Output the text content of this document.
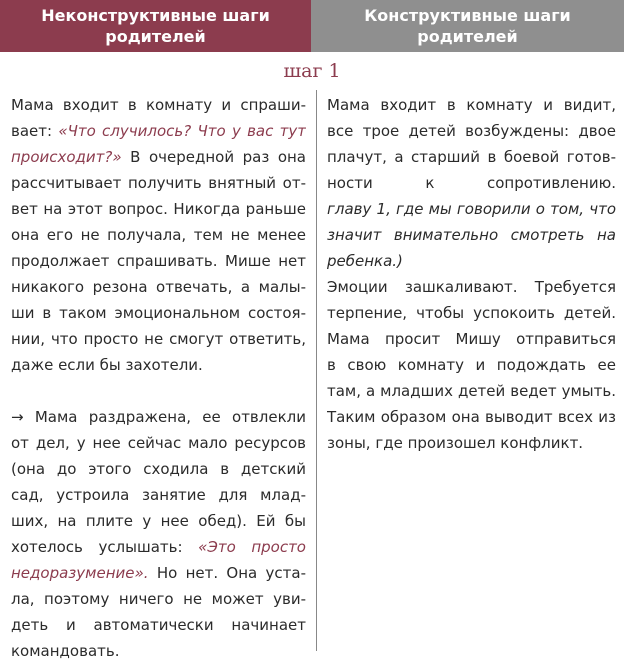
Неконструктивные шаги
родителей
Конструктивные шаги
родителей
шаг 1
Мама входит в комнату и спраши-
вает: «Что случилось? Что у вас тут
происходит?» В очередной раз она
рассчитывает получить внятный от-
вет на этот вопрос. Никогда раньше
она его не получала, тем не менее
продолжает спрашивать. Мише нет
никакого резона отвечать, а малы-
ши в таком эмоциональном состоя-
нии, что просто не смогут ответить,
даже если бы захотели.
→ Мама раздражена, ее отвлекли
от дел, у нее сейчас мало ресурсов
(она до этого сходила в детский
сад, устроила занятие для млад-
ших, на плите у нее обед). Ей бы
хотелось услышать: «Это просто
недоразумение». Но нет. Она уста-
ла, поэтому ничего не может уви-
деть и автоматически начинает
командовать.
Мама входит в комнату и видит,
все трое детей возбуждены: двое
плачут, а старший в боевой готов-
ности к сопротивлению.
главу 1, где мы говорили о том, что
значит внимательно смотреть на
ребенка.)
Эмоции зашкаливают. Требуется
терпение, чтобы успокоить детей.
Мама просит Мишу отправиться
в свою комнату и подождать ее
там, а младших детей ведет умыть.
Таким образом она выводит всех из
зоны, где произошел конфликт.
